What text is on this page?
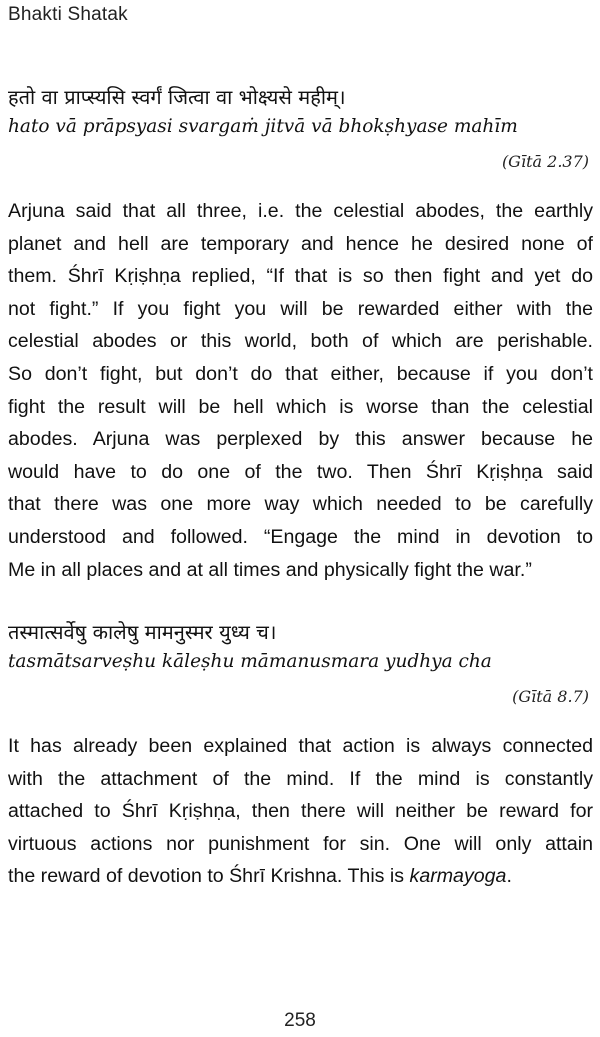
Bhakti Shatak
हतो वा प्राप्स्यसि स्वर्गं जित्वा वा भोक्ष्यसे महीम्।
hato vā prāpsyasi svargaṁ jitvā vā bhokṣhyase mahīm
(Gītā 2.37)
Arjuna said that all three, i.e. the celestial abodes, the earthly
planet and hell are temporary and hence he desired none of
them. Śhrī Kṛiṣhṇa replied, “If that is so then fight and yet do
not fight.” If you fight you will be rewarded either with the
celestial abodes or this world, both of which are perishable.
So don’t fight, but don’t do that either, because if you don’t
fight the result will be hell which is worse than the celestial
abodes. Arjuna was perplexed by this answer because he
would have to do one of the two. Then Śhrī Kṛiṣhṇa said
that there was one more way which needed to be carefully
understood and followed. “Engage the mind in devotion to
Me in all places and at all times and physically fight the war.”
तस्मात्सर्वेषु कालेषु मामनुस्मर युध्य च।
tasmātsarveṣhu kāleṣhu māmanusmara yudhya cha
(Gītā 8.7)
It has already been explained that action is always connected
with the attachment of the mind. If the mind is constantly
attached to Śhrī Kṛiṣhṇa, then there will neither be reward for
virtuous actions nor punishment for sin. One will only attain
the reward of devotion to Śhrī Krishna. This is karmayoga.
258
